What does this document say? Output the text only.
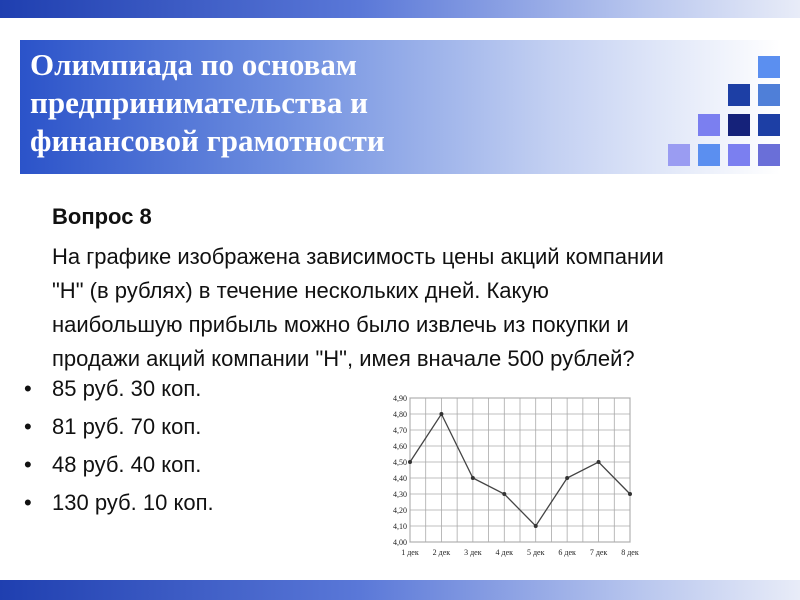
Олимпиада по основам
предпринимательства и
финансовой грамотности
Вопрос 8

На графике изображена зависимость цены акций компании
"Н" (в рублях) в течение нескольких дней. Какую
наибольшую прибыль можно было извлечь из покупки и
продажи акций компании "Н", имея вначале 500 рублей?

• 85 руб. 30 коп.
• 81 руб. 70 коп.
• 48 руб. 40 коп.
• 130 руб. 10 коп.
4,00
4,10
4,20
4,30
4,40
4,50
4,60
4,70
4,80
4,90
1 дек 2 дек 3 дек 4 дек 5 дек 6 дек 7 дек 8 дек
